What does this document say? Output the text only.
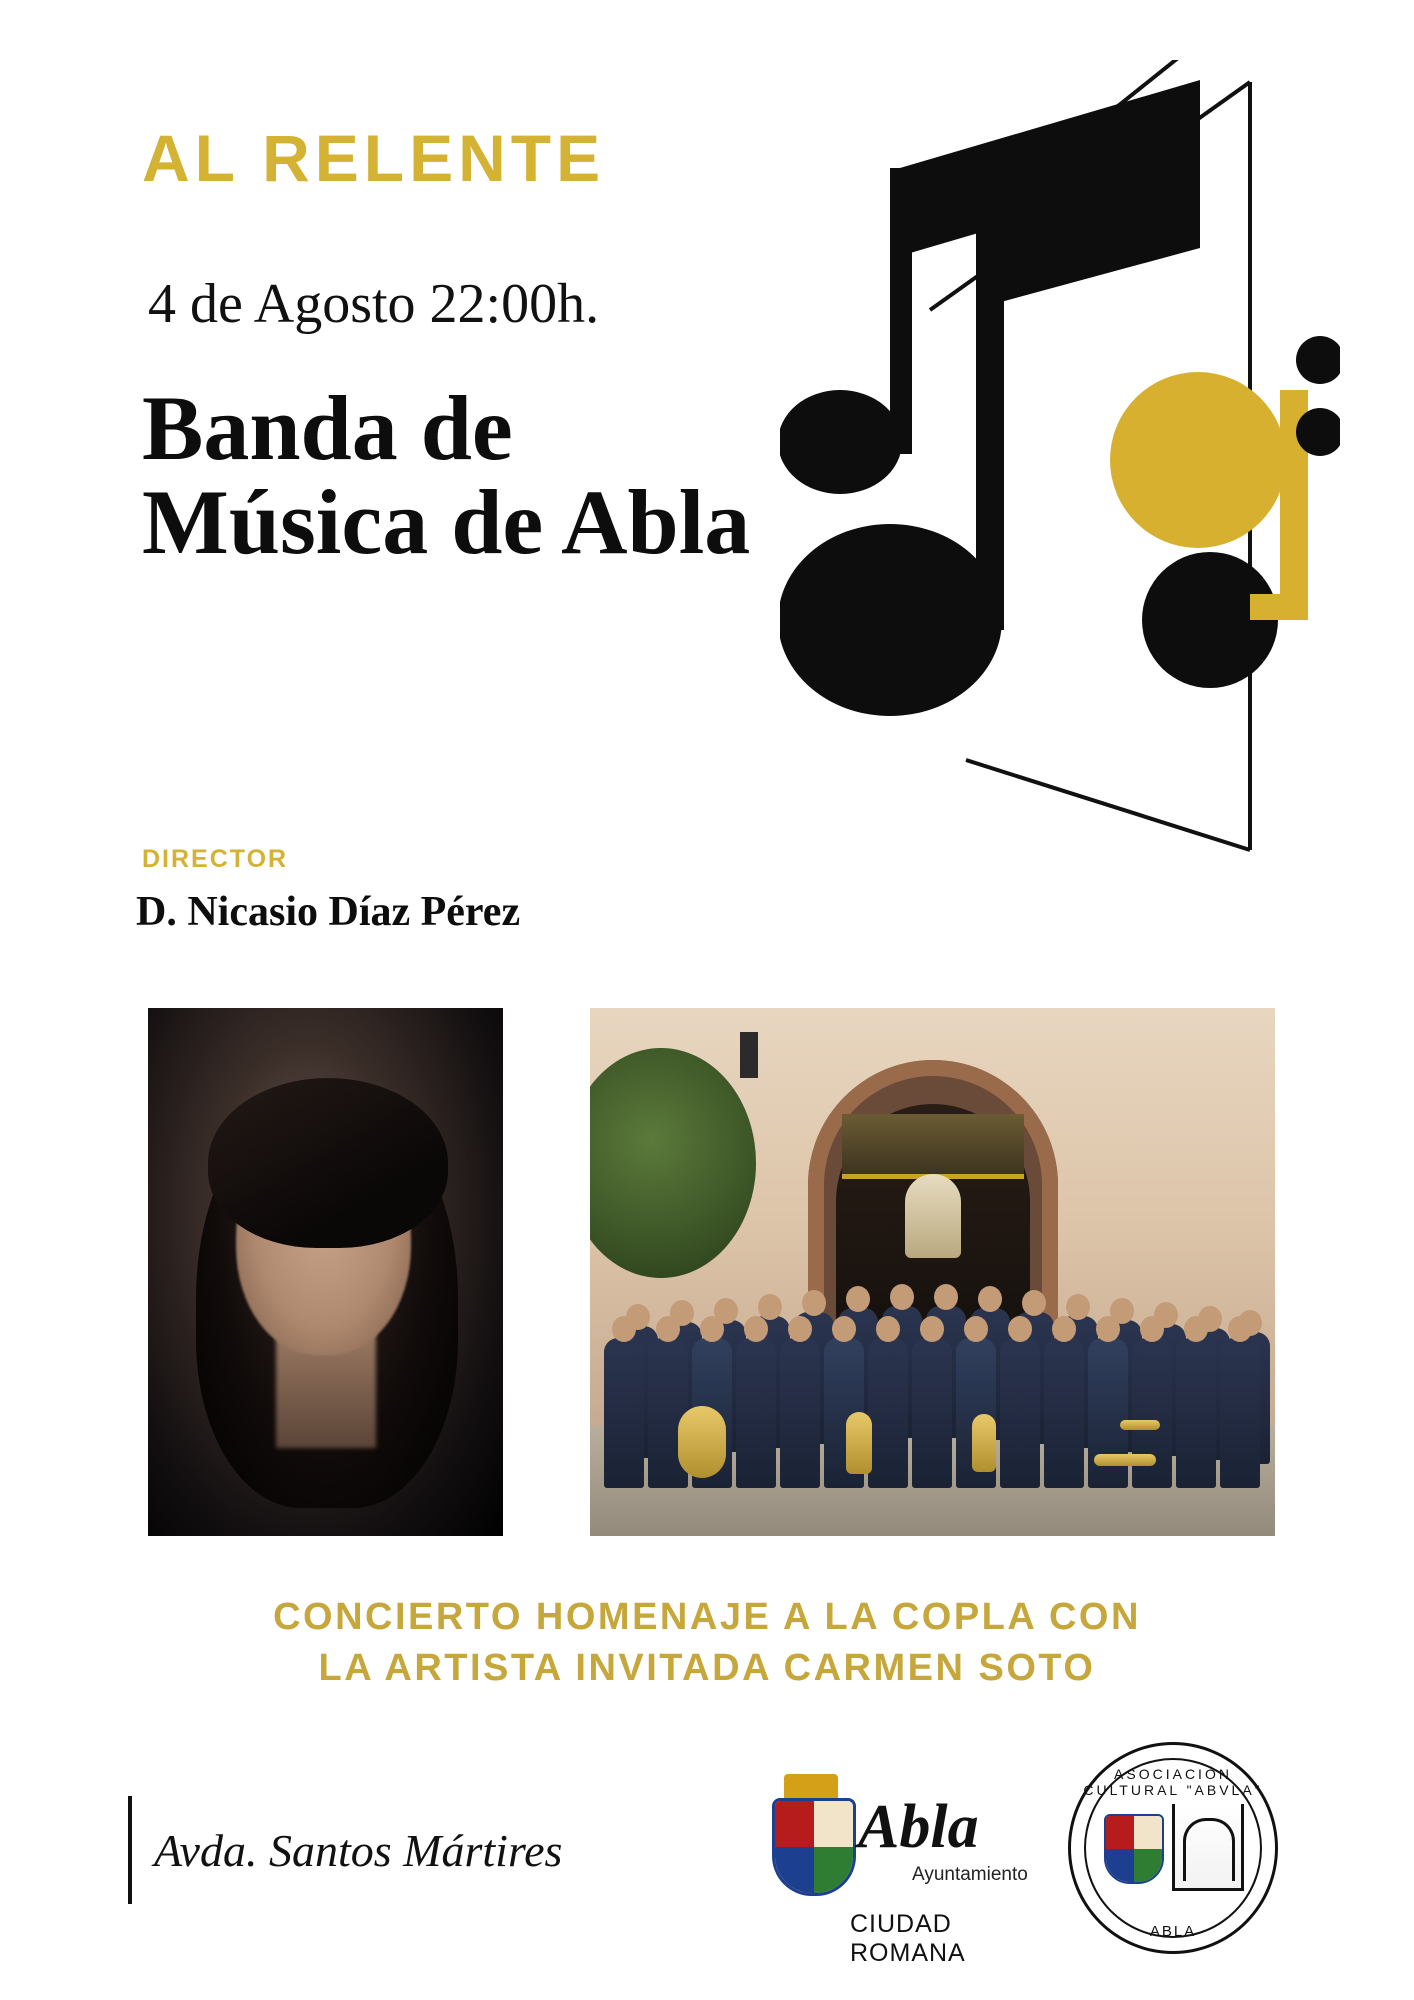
AL RELENTE
4 de Agosto 22:00h.
Banda de Música de Abla
DIRECTOR
D. Nicasio Díaz Pérez
CONCIERTO HOMENAJE A LA COPLA CON
LA ARTISTA INVITADA CARMEN SOTO
Avda. Santos Mártires	Abla
Ayuntamiento
CIUDAD ROMANA
ASOCIACIÓN CULTURAL "ABVLA"
ABLA
